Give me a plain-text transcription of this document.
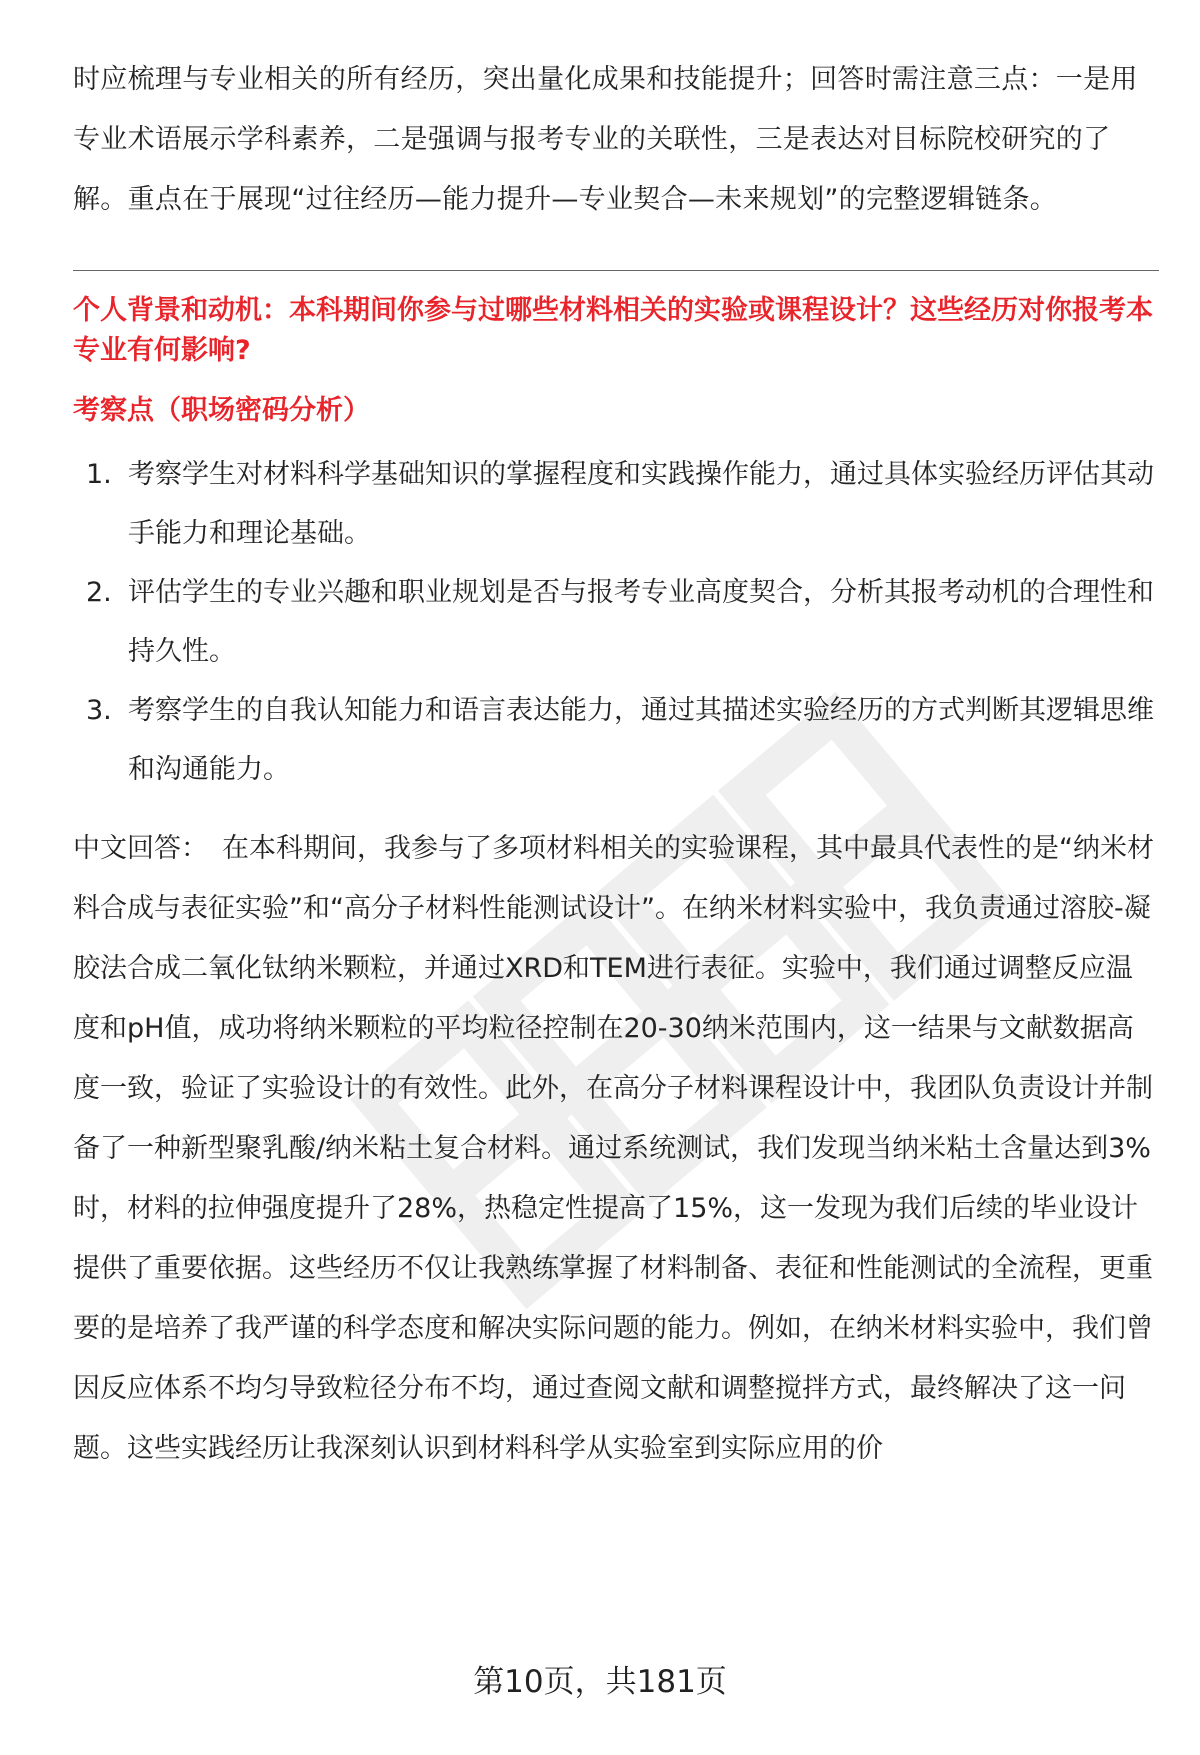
时应梳理与专业相关的所有经历，突出量化成果和技能提升；回答时需注意三点：一是用专业术语展示学科素养，二是强调与报考专业的关联性，三是表达对目标院校研究的了解。重点在于展现“过往经历—能力提升—专业契合—未来规划”的完整逻辑链条。

个人背景和动机：本科期间你参与过哪些材料相关的实验或课程设计？这些经历对你报考本专业有何影响?

考察点（职场密码分析）

1. 考察学生对材料科学基础知识的掌握程度和实践操作能力，通过具体实验经历评估其动手能力和理论基础。
2. 评估学生的专业兴趣和职业规划是否与报考专业高度契合，分析其报考动机的合理性和持久性。
3. 考察学生的自我认知能力和语言表达能力，通过其描述实验经历的方式判断其逻辑思维和沟通能力。

中文回答： 在本科期间，我参与了多项材料相关的实验课程，其中最具代表性的是“纳米材料合成与表征实验”和“高分子材料性能测试设计”。在纳米材料实验中，我负责通过溶胶-凝胶法合成二氧化钛纳米颗粒，并通过XRD和TEM进行表征。实验中，我们通过调整反应温度和pH值，成功将纳米颗粒的平均粒径控制在20-30纳米范围内，这一结果与文献数据高度一致，验证了实验设计的有效性。此外，在高分子材料课程设计中，我团队负责设计并制备了一种新型聚乳酸/纳米粘土复合材料。通过系统测试，我们发现当纳米粘土含量达到3%时，材料的拉伸强度提升了28%，热稳定性提高了15%，这一发现为我们后续的毕业设计提供了重要依据。这些经历不仅让我熟练掌握了材料制备、表征和性能测试的全流程，更重要的是培养了我严谨的科学态度和解决实际问题的能力。例如，在纳米材料实验中，我们曾因反应体系不均匀导致粒径分布不均，通过查阅文献和调整搅拌方式，最终解决了这一问题。这些实践经历让我深刻认识到材料科学从实验室到实际应用的价

第10页，共181页
